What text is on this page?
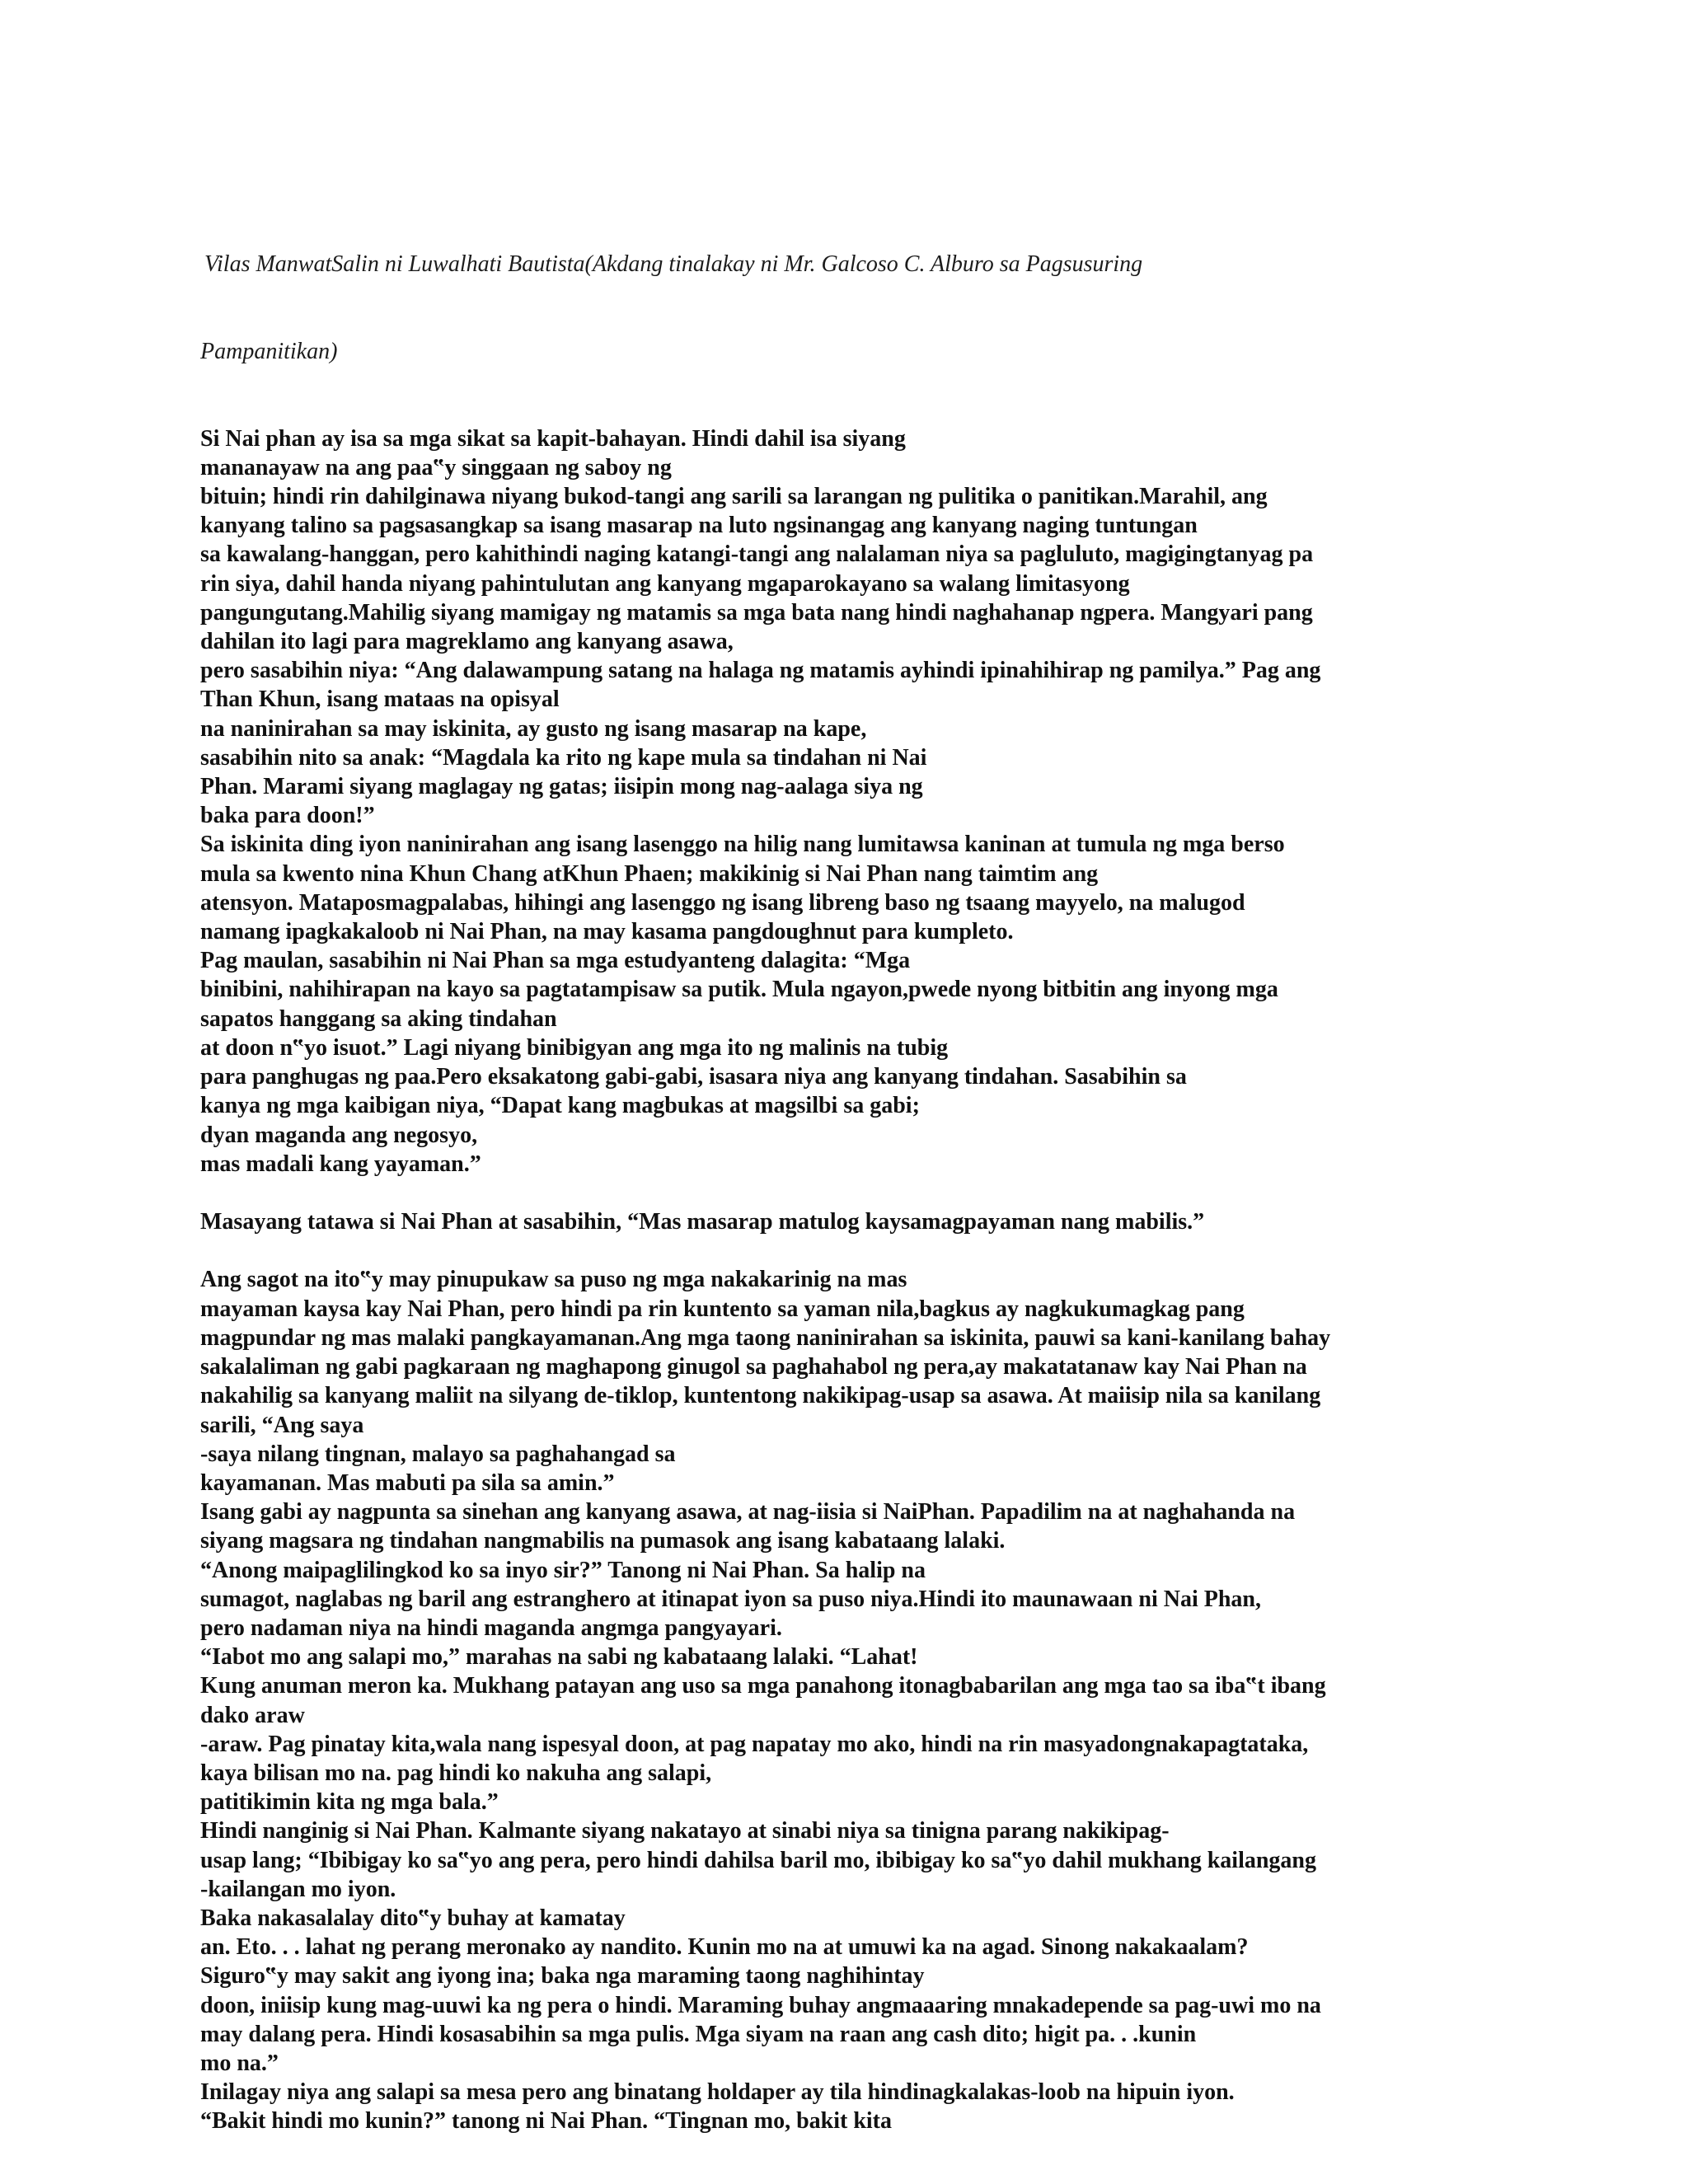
Vilas ManwatSalin ni Luwalhati Bautista(Akdang tinalakay ni Mr. Galcoso C. Alburo sa Pagsusuring

Pampanitikan)

Si Nai phan ay isa sa mga sikat sa kapit-bahayan. Hindi dahil isa siyang
mananayaw na ang paa‟y singgaan ng saboy ng
bituin; hindi rin dahilginawa niyang bukod-tangi ang sarili sa larangan ng pulitika o panitikan.Marahil, ang
kanyang talino sa pagsasangkap sa isang masarap na luto ngsinangag ang kanyang naging tuntungan
sa kawalang-hanggan, pero kahithindi naging katangi-tangi ang nalalaman niya sa pagluluto, magigingtanyag pa
rin siya, dahil handa niyang pahintulutan ang kanyang mgaparokayano sa walang limitasyong
pangungutang.Mahilig siyang mamigay ng matamis sa mga bata nang hindi naghahanap ngpera. Mangyari pang
dahilan ito lagi para magreklamo ang kanyang asawa,
pero sasabihin niya: “Ang dalawampung satang na halaga ng matamis ayhindi ipinahihirap ng pamilya.” Pag ang
Than Khun, isang mataas na opisyal
na naninirahan sa may iskinita, ay gusto ng isang masarap na kape,
sasabihin nito sa anak: “Magdala ka rito ng kape mula sa tindahan ni Nai
Phan. Marami siyang maglagay ng gatas; iisipin mong nag-aalaga siya ng
baka para doon!”
Sa iskinita ding iyon naninirahan ang isang lasenggo na hilig nang lumitawsa kaninan at tumula ng mga berso
mula sa kwento nina Khun Chang atKhun Phaen; makikinig si Nai Phan nang taimtim ang
atensyon. Mataposmagpalabas, hihingi ang lasenggo ng isang libreng baso ng tsaang mayyelo, na malugod
namang ipagkakaloob ni Nai Phan, na may kasama pangdoughnut para kumpleto.
Pag maulan, sasabihin ni Nai Phan sa mga estudyanteng dalagita: “Mga
binibini, nahihirapan na kayo sa pagtatampisaw sa putik. Mula ngayon,pwede nyong bitbitin ang inyong mga
sapatos hanggang sa aking tindahan
at doon n‟yo isuot.” Lagi niyang binibigyan ang mga ito ng malinis na tubig
para panghugas ng paa.Pero eksakatong gabi-gabi, isasara niya ang kanyang tindahan. Sasabihin sa
kanya ng mga kaibigan niya, “Dapat kang magbukas at magsilbi sa gabi;
dyan maganda ang negosyo,
mas madali kang yayaman.”
Masayang tatawa si Nai Phan at sasabihin, “Mas masarap matulog kaysamagpayaman nang mabilis.”
Ang sagot na ito‟y may pinupukaw sa puso ng mga nakakarinig na mas
mayaman kaysa kay Nai Phan, pero hindi pa rin kuntento sa yaman nila,bagkus ay nagkukumagkag pang
magpundar ng mas malaki pangkayamanan.Ang mga taong naninirahan sa iskinita, pauwi sa kani-kanilang bahay
sakalaliman ng gabi pagkaraan ng maghapong ginugol sa paghahabol ng pera,ay makatatanaw kay Nai Phan na
nakahilig sa kanyang maliit na silyang de-tiklop, kuntentong nakikipag-usap sa asawa. At maiisip nila sa kanilang
sarili, “Ang saya
-saya nilang tingnan, malayo sa paghahangad sa
kayamanan. Mas mabuti pa sila sa amin.”
Isang gabi ay nagpunta sa sinehan ang kanyang asawa, at nag-iisia si NaiPhan. Papadilim na at naghahanda na
siyang magsara ng tindahan nangmabilis na pumasok ang isang kabataang lalaki.
“Anong maipaglilingkod ko sa inyo sir?” Tanong ni Nai Phan. Sa halip na
sumagot, naglabas ng baril ang estranghero at itinapat iyon sa puso niya.Hindi ito maunawaan ni Nai Phan,
pero nadaman niya na hindi maganda angmga pangyayari.
“Iabot mo ang salapi mo,” marahas na sabi ng kabataang lalaki. “Lahat!
Kung anuman meron ka. Mukhang patayan ang uso sa mga panahong itonagbabarilan ang mga tao sa iba‟t ibang
dako araw
-araw. Pag pinatay kita,wala nang ispesyal doon, at pag napatay mo ako, hindi na rin masyadongnakapagtataka,
kaya bilisan mo na. pag hindi ko nakuha ang salapi,
patitikimin kita ng mga bala.”
Hindi nanginig si Nai Phan. Kalmante siyang nakatayo at sinabi niya sa tinigna parang nakikipag-
usap lang; “Ibibigay ko sa‟yo ang pera, pero hindi dahilsa baril mo, ibibigay ko sa‟yo dahil mukhang kailangang
-kailangan mo iyon.
Baka nakasalalay dito‟y buhay at kamatay
an. Eto. . . lahat ng perang meronako ay nandito. Kunin mo na at umuwi ka na agad. Sinong nakakaalam?
Siguro‟y may sakit ang iyong ina; baka nga maraming taong naghihintay
doon, iniisip kung mag-uuwi ka ng pera o hindi. Maraming buhay angmaaaring mnakadepende sa pag-uwi mo na
may dalang pera. Hindi kosasabihin sa mga pulis. Mga siyam na raan ang cash dito; higit pa. . .kunin
mo na.”
Inilagay niya ang salapi sa mesa pero ang binatang holdaper ay tila hindinagkalakas-loob na hipuin iyon.
“Bakit hindi mo kunin?” tanong ni Nai Phan. “Tingnan mo, bakit kita
